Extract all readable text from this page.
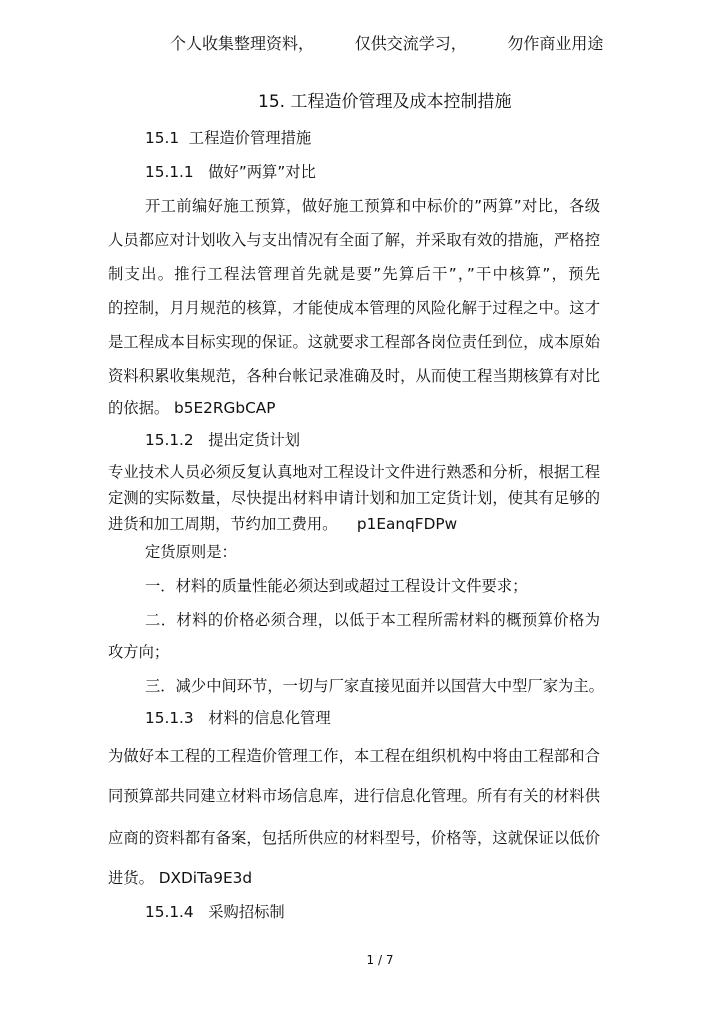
个人收集整理资料，        仅供交流学习，        勿作商业用途
15. 工程造价管理及成本控制措施
15.1  工程造价管理措施
15.1.1   做好”两算”对比
开工前编好施工预算，做好施工预算和中标价的”两算”对比，各级
人员都应对计划收入与支出情况有全面了解，并采取有效的措施，严格控
制支出。推行工程法管理首先就是要”先算后干”，”干中核算”，预先
的控制，月月规范的核算，才能使成本管理的风险化解于过程之中。这才
是工程成本目标实现的保证。这就要求工程部各岗位责任到位，成本原始
资料积累收集规范，各种台帐记录准确及时，从而使工程当期核算有对比
的依据。 b5E2RGbCAP
15.1.2   提出定货计划
专业技术人员必须反复认真地对工程设计文件进行熟悉和分析，根据工程
定测的实际数量，尽快提出材料申请计划和加工定货计划，使其有足够的
进货和加工周期，节约加工费用。    p1EanqFDPw
定货原则是：
一．材料的质量性能必须达到或超过工程设计文件要求；
二．材料的价格必须合理，以低于本工程所需材料的概预算价格为
攻方向；
三．减少中间环节，一切与厂家直接见面并以国营大中型厂家为主。
15.1.3   材料的信息化管理
为做好本工程的工程造价管理工作，本工程在组织机构中将由工程部和合
同预算部共同建立材料市场信息库，进行信息化管理。所有有关的材料供
应商的资料都有备案，包括所供应的材料型号，价格等，这就保证以低价
进货。 DXDiTa9E3d
15.1.4   采购招标制
1 / 7
